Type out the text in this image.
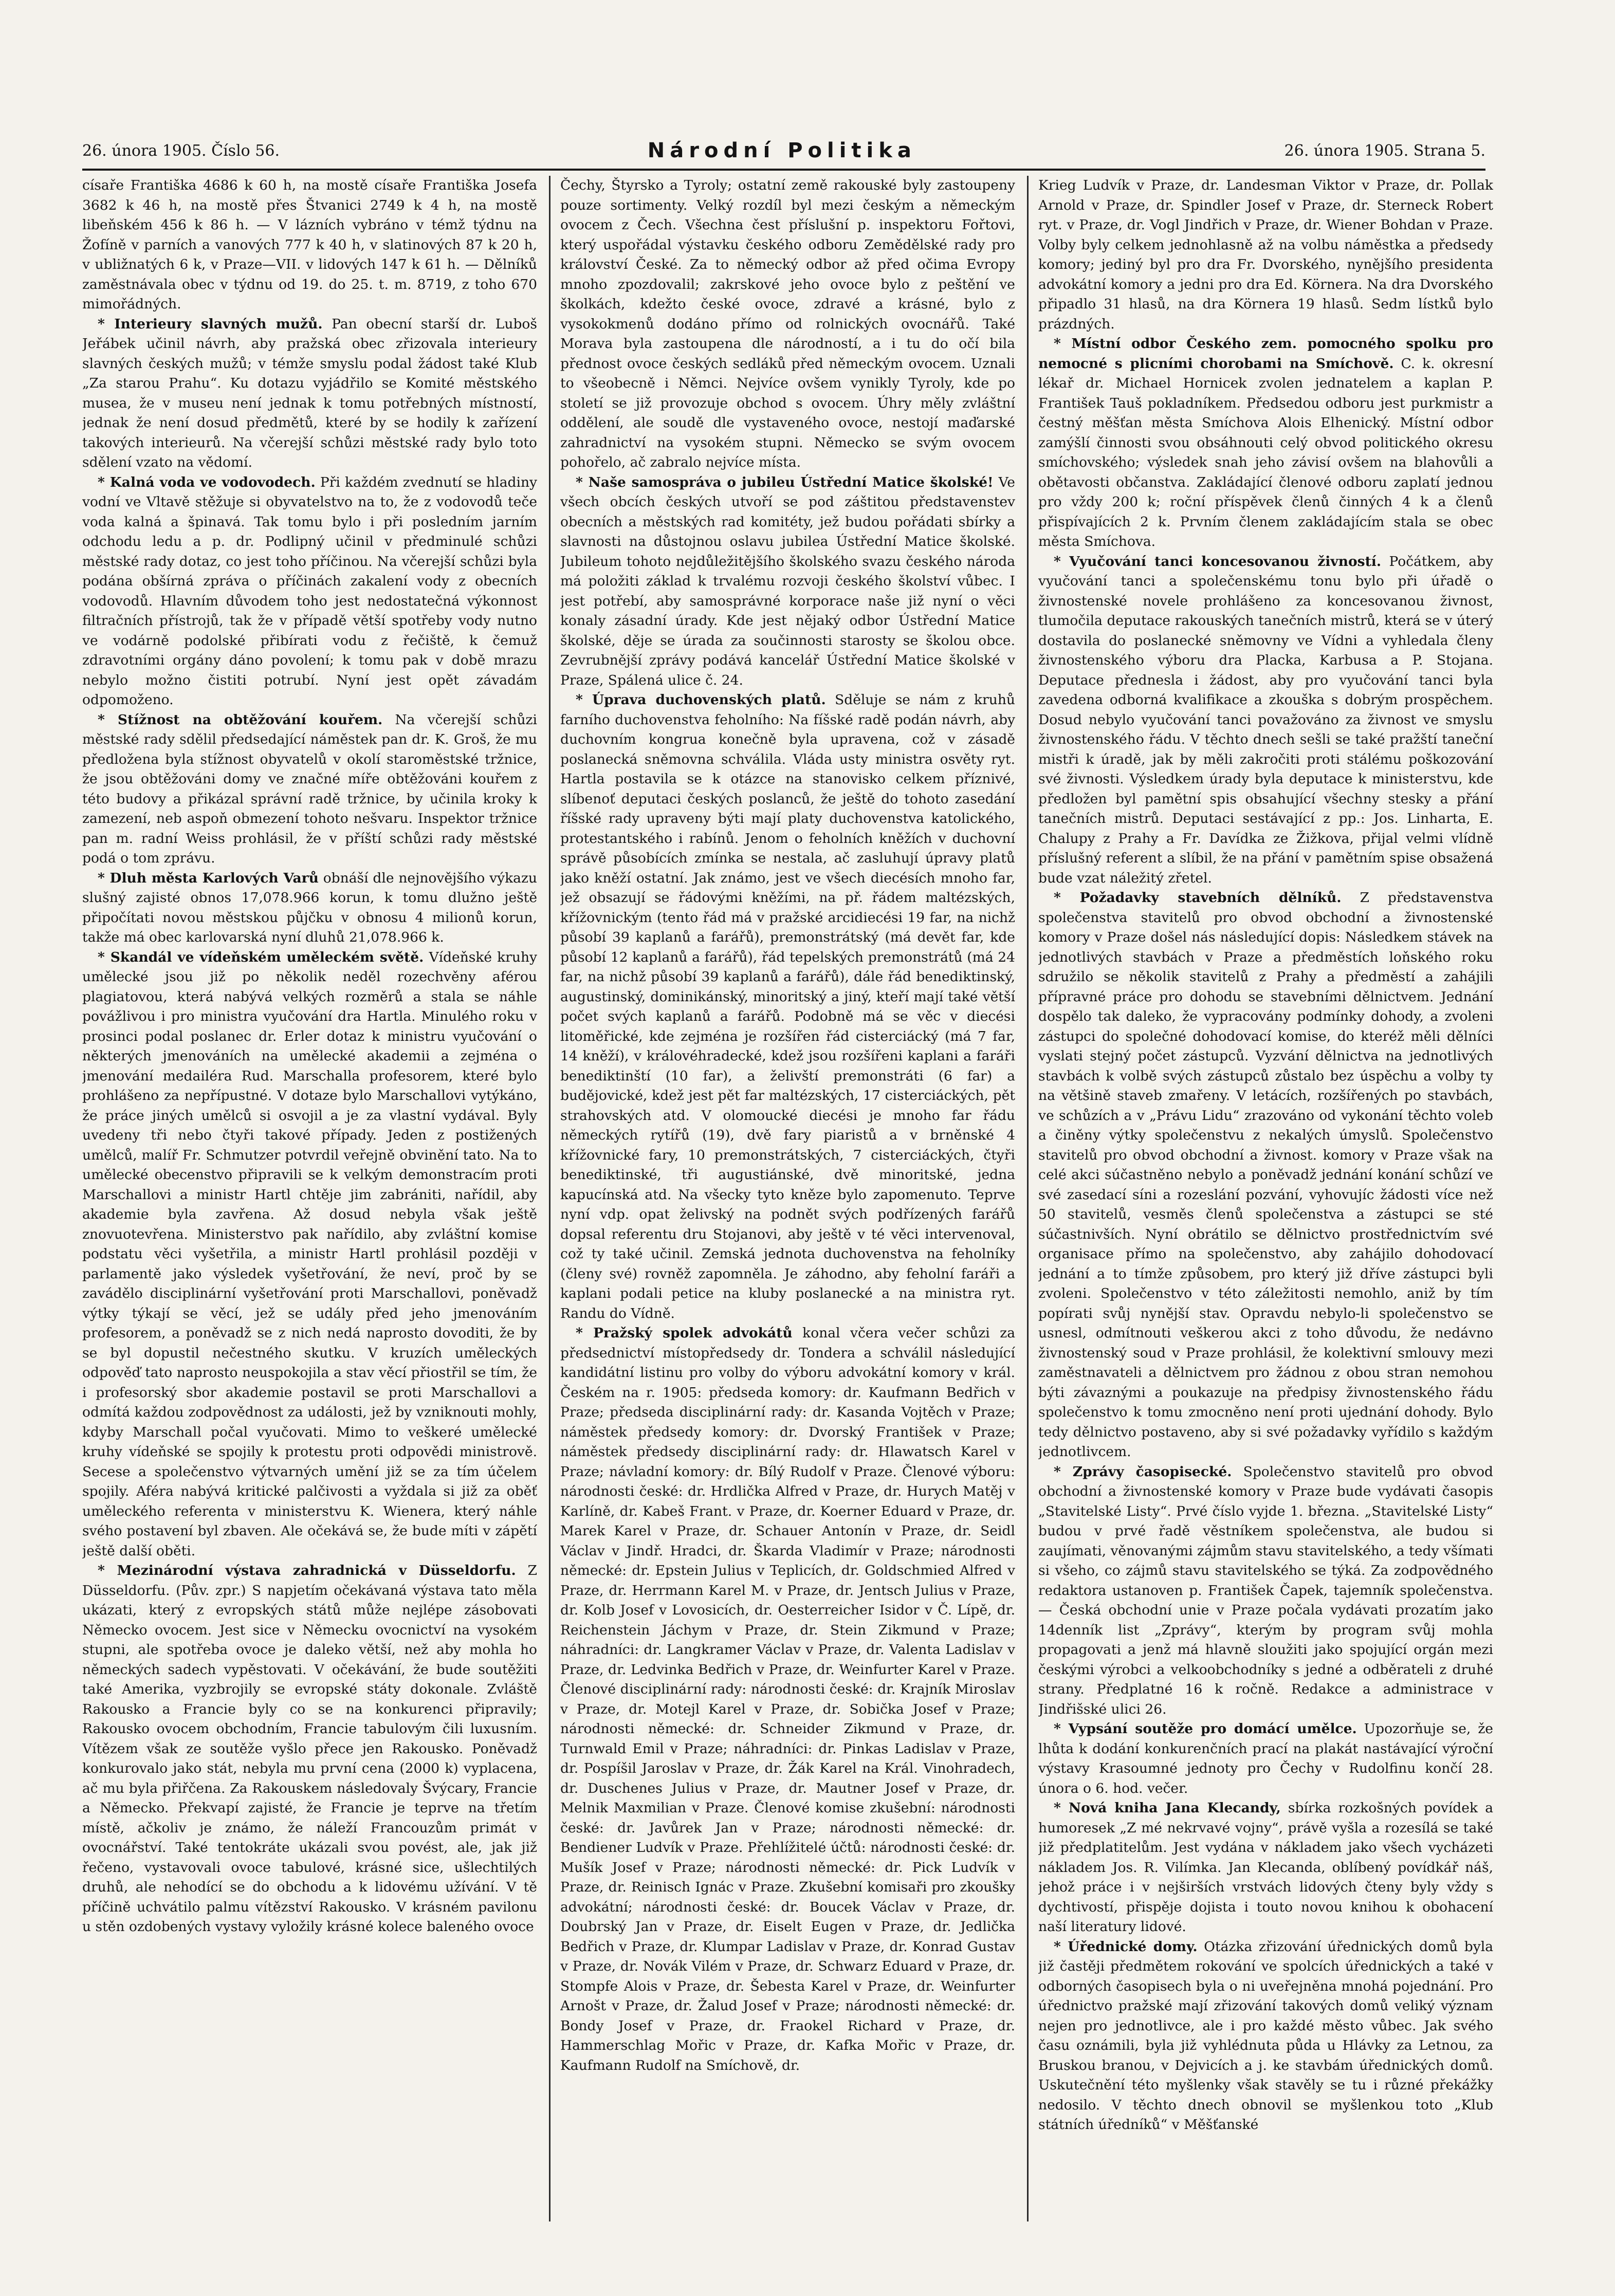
26. února 1905. Číslo 56.	Národní Politika	26. února 1905. Strana 5.

císaře Františka 4686 k 60 h, na mostě císaře Františka Josefa 3682 k 46 h, na mostě přes Štvanici 2749 k 4 h, na mostě libeňském 456 k 86 h. — V lázních vybráno v témž týdnu na Žofíně v parních a vanových 777 k 40 h, v slatinových 87 k 20 h, v ubližnatých 6 k, v Praze—VII. v lidových 147 k 61 h. — Dělníků zaměstnávala obec v týdnu od 19. do 25. t. m. 8719, z toho 670 mimořádných.

* Interieury slavných mužů. Pan obecní starší dr. Luboš Jeřábek učinil návrh, aby pražská obec zřizovala interieury slavných českých mužů; v témže smyslu podal žádost také Klub „Za starou Prahu“. Ku dotazu vyjádřilo se Komité městského musea, že v museu není jednak k tomu potřebných místností, jednak že není dosud předmětů, které by se hodily k zařízení takových interieurů. Na včerejší schůzi městské rady bylo toto sdělení vzato na vědomí.

* Kalná voda ve vodovodech. Při každém zvednutí se hladiny vodní ve Vltavě stěžuje si obyvatelstvo na to, že z vodovodů teče voda kalná a špinavá. Tak tomu bylo i při posledním jarním odchodu ledu a p. dr. Podlipný učinil v předminulé schůzi městské rady dotaz, co jest toho příčinou. Na včerejší schůzi byla podána obšírná zpráva o příčinách zakalení vody z obecních vodovodů. Hlavním důvodem toho jest nedostatečná výkonnost filtračních přístrojů, tak že v případě větší spotřeby vody nutno ve vodárně podolské přibírati vodu z řečiště, k čemuž zdravotními orgány dáno povolení; k tomu pak v době mrazu nebylo možno čistiti potrubí. Nyní jest opět závadám odpomoženo.

* Stížnost na obtěžování kouřem. Na včerejší schůzi městské rady sdělil předsedající náměstek pan dr. K. Groš, že mu předložena byla stížnost obyvatelů v okolí staroměstské tržnice, že jsou obtěžováni domy ve značné míře obtěžováni kouřem z této budovy a přikázal správní radě tržnice, by učinila kroky k zamezení, neb aspoň obmezení tohoto nešvaru. Inspektor tržnice pan m. radní Weiss prohlásil, že v příští schůzi rady městské podá o tom zprávu.

* Dluh města Karlových Varů obnáší dle nejnovějšího výkazu slušný zajisté obnos 17,078.966 korun, k tomu dlužno ještě připočítati novou městskou půjčku v obnosu 4 milionů korun, takže má obec karlovarská nyní dluhů 21,078.966 k.

* Skandál ve vídeňském uměleckém světě. Vídeňské kruhy umělecké jsou již po několik neděl rozechvěny aférou plagiatovou, která nabývá velkých rozměrů a stala se náhle povážlivou i pro ministra vyučování dra Hartla. Minulého roku v prosinci podal poslanec dr. Erler dotaz k ministru vyučování o některých jmenováních na umělecké akademii a zejména o jmenování medailéra Rud. Marschalla profesorem, které bylo prohlášeno za nepřípustné. V dotaze bylo Marschallovi vytýkáno, že práce jiných umělců si osvojil a je za vlastní vydával. Byly uvedeny tři nebo čtyři takové případy. Jeden z postižených umělců, malíř Fr. Schmutzer potvrdil veřejně obvinění tato. Na to umělecké obecenstvo připravili se k velkým demonstracím proti Marschallovi a ministr Hartl chtěje jim zabrániti, nařídil, aby akademie byla zavřena. Až dosud nebyla však ještě znovuotevřena. Ministerstvo pak nařídilo, aby zvláštní komise podstatu věci vyšetřila, a ministr Hartl prohlásil později v parlamentě jako výsledek vyšetřování, že neví, proč by se zavádělo disciplinární vyšetřování proti Marschallovi, poněvadž výtky týkají se věcí, jež se udály před jeho jmenováním profesorem, a poněvadž se z nich nedá naprosto dovoditi, že by se byl dopustil nečestného skutku. V kruzích uměleckých odpověď tato naprosto neuspokojila a stav věcí přiostřil se tím, že i profesorský sbor akademie postavil se proti Marschallovi a odmítá každou zodpovědnost za události, jež by vzniknouti mohly, kdyby Marschall počal vyučovati. Mimo to veškeré umělecké kruhy vídeňské se spojily k protestu proti odpovědi ministrově. Secese a společenstvo výtvarných umění již se za tím účelem spojily. Aféra nabývá kritické palčivosti a vyždala si již za oběť uměleckého referenta v ministerstvu K. Wienera, který náhle svého postavení byl zbaven. Ale očekává se, že bude míti v zápětí ještě další oběti.

* Mezinárodní výstava zahradnická v Düsseldorfu. Z Düsseldorfu. (Pův. zpr.) S napjetím očekávaná výstava tato měla ukázati, který z evropských států může nejlépe zásobovati Německo ovocem. Jest sice v Německu ovocnictví na vysokém stupni, ale spotřeba ovoce je daleko větší, než aby mohla ho německých sadech vypěstovati. V očekávání, že bude soutěžiti také Amerika, vyzbrojily se evropské státy dokonale. Zvláště Rakousko a Francie byly co se na konkurenci připravily; Rakousko ovocem obchodním, Francie tabulovým čili luxusním. Vítězem však ze soutěže vyšlo přece jen Rakousko. Poněvadž konkurovalo jako stát, nebyla mu první cena (2000 k) vyplacena, ač mu byla přiřčena. Za Rakouskem následovaly Švýcary, Francie a Německo. Překvapí zajisté, že Francie je teprve na třetím místě, ačkoliv je známo, že náleží Francouzům primát v ovocnářství. Také tentokráte ukázali svou povést, ale, jak již řečeno, vystavovali ovoce tabulové, krásné sice, ušlechtilých druhů, ale nehodící se do obchodu a k lidovému užívání. V tě příčině uchvátilo palmu vítězství Rakousko. V krásném pavilonu u stěn ozdobených vystavy vyložily krásné kolece baleného ovoce

Čechy, Štyrsko a Tyroly; ostatní země rakouské byly zastoupeny pouze sortimenty. Velký rozdíl byl mezi českým a německým ovocem z Čech. Všechna čest příslušní p. inspektoru Fořtovi, který uspořádal výstavku českého odboru Zemědělské rady pro království České. Za to německý odbor až před očima Evropy mnoho zpozdovalil; zakrskové jeho ovoce bylo z peštění ve školkách, kdežto české ovoce, zdravé a krásné, bylo z vysokokmenů dodáno přímo od rolnických ovocnářů. Také Morava byla zastoupena dle národností, a i tu do očí bila přednost ovoce českých sedláků před německým ovocem. Uznali to všeobecně i Němci. Nejvíce ovšem vynikly Tyroly, kde po století se již provozuje obchod s ovocem. Úhry měly zvláštní oddělení, ale soudě dle vystaveného ovoce, nestojí maďarské zahradnictví na vysokém stupni. Německo se svým ovocem pohořelo, ač zabralo nejvíce místa.

* Naše samospráva o jubileu Ústřední Matice školské! Ve všech obcích českých utvoří se pod záštitou představenstev obecních a městských rad komitéty, jež budou pořádati sbírky a slavnosti na důstojnou oslavu jubilea Ústřední Matice školské. Jubileum tohoto nejdůležitějšího školského svazu českého národa má položiti základ k trvalému rozvoji českého školství vůbec. I jest potřebí, aby samosprávné korporace naše již nyní o věci konaly zásadní úrady. Kde jest nějaký odbor Ústřední Matice školské, děje se úrada za součinnosti starosty se školou obce. Zevrubnější zprávy podává kancelář Ústřední Matice školské v Praze, Spálená ulice č. 24.

* Úprava duchovenských platů. Sděluje se nám z kruhů farního duchovenstva feholního: Na fíšské radě podán návrh, aby duchovním kongrua konečně byla upravena, což v zásadě poslanecká sněmovna schválila. Vláda usty ministra osvěty ryt. Hartla postavila se k otázce na stanovisko celkem příznivé, slíbenoť deputaci českých poslanců, že ještě do tohoto zasedání říšské rady upraveny býti mají platy duchovenstva katolického, protestantského i rabínů. Jenom o feholních kněžích v duchovní správě působících zmínka se nestala, ač zasluhují úpravy platů jako kněží ostatní. Jak známo, jest ve všech diecésích mnoho far, jež obsazují se řádovými kněžími, na př. řádem maltézských, křížovnickým (tento řád má v pražské arcidiecési 19 far, na nichž působí 39 kaplanů a farářů), premonstrátský (má devět far, kde působí 12 kaplanů a farářů), řád tepelských premonstrátů (má 24 far, na nichž působí 39 kaplanů a farářů), dále řád benediktinský, augustinský, dominikánský, minoritský a jiný, kteří mají také větší počet svých kaplanů a farářů. Podobně má se věc v diecési litoměřické, kde zejména je rozšířen řád cisterciácký (má 7 far, 14 kněží), v královéhradecké, kdež jsou rozšířeni kaplani a faráři benediktinští (10 far), a želivští premonstráti (6 far) a budějovické, kdež jest pět far maltézských, 17 cisterciáckých, pět strahovských atd. V olomoucké diecési je mnoho far řádu německých rytířů (19), dvě fary piaristů a v brněnské 4 křížovnické fary, 10 premonstrátských, 7 cisterciáckých, čtyři benediktinské, tři augustiánské, dvě minoritské, jedna kapucínská atd. Na všecky tyto kněze bylo zapomenuto. Teprve nyní vdp. opat želivský na podnět svých podřízených farářů dopsal referentu dru Stojanovi, aby ještě v té věci intervenoval, což ty také učinil. Zemská jednota duchovenstva na feholníky (členy své) rovněž zapomněla. Je záhodno, aby feholní faráři a kaplani podali petice na kluby poslanecké a na ministra ryt. Randu do Vídně.

* Pražský spolek advokátů konal včera večer schůzi za předsednictví místopředsedy dr. Tondera a schválil následující kandidátní listinu pro volby do výboru advokátní komory v král. Českém na r. 1905: předseda komory: dr. Kaufmann Bedřich v Praze; předseda disciplinární rady: dr. Kasanda Vojtěch v Praze; náměstek předsedy komory: dr. Dvorský František v Praze; náměstek předsedy disciplinární rady: dr. Hlawatsch Karel v Praze; návladní komory: dr. Bílý Rudolf v Praze. Členové výboru: národnosti české: dr. Hrdlička Alfred v Praze, dr. Hurych Matěj v Karlíně, dr. Kabeš Frant. v Praze, dr. Koerner Eduard v Praze, dr. Marek Karel v Praze, dr. Schauer Antonín v Praze, dr. Seidl Václav v Jindř. Hradci, dr. Škarda Vladimír v Praze; národnosti německé: dr. Epstein Julius v Teplicích, dr. Goldschmied Alfred v Praze, dr. Herrmann Karel M. v Praze, dr. Jentsch Julius v Praze, dr. Kolb Josef v Lovosicích, dr. Oesterreicher Isidor v Č. Lípě, dr. Reichenstein Jáchym v Praze, dr. Stein Zikmund v Praze; náhradníci: dr. Langkramer Václav v Praze, dr. Valenta Ladislav v Praze, dr. Ledvinka Bedřich v Praze, dr. Weinfurter Karel v Praze. Členové disciplinární rady: národnosti české: dr. Krajník Miroslav v Praze, dr. Motejl Karel v Praze, dr. Sobička Josef v Praze; národnosti německé: dr. Schneider Zikmund v Praze, dr. Turnwald Emil v Praze; náhradníci: dr. Pinkas Ladislav v Praze, dr. Pospíšil Jaroslav v Praze, dr. Žák Karel na Král. Vinohradech, dr. Duschenes Julius v Praze, dr. Mautner Josef v Praze, dr. Melnik Maxmilian v Praze. Členové komise zkušební: národnosti české: dr. Javůrek Jan v Praze; národnosti německé: dr. Bendiener Ludvík v Praze. Přehlížitelé účtů: národnosti české: dr. Mušík Josef v Praze; národnosti německé: dr. Pick Ludvík v Praze, dr. Reinisch Ignác v Praze. Zkušební komisaři pro zkoušky advokátní; národnosti české: dr. Boucek Václav v Praze, dr. Doubrský Jan v Praze, dr. Eiselt Eugen v Praze, dr. Jedlička Bedřich v Praze, dr. Klumpar Ladislav v Praze, dr. Konrad Gustav v Praze, dr. Novák Vilém v Praze, dr. Schwarz Eduard v Praze, dr. Stompfe Alois v Praze, dr. Šebesta Karel v Praze, dr. Weinfurter Arnošt v Praze, dr. Žalud Josef v Praze; národnosti německé: dr. Bondy Josef v Praze, dr. Fraokel Richard v Praze, dr. Hammerschlag Mořic v Praze, dr. Kafka Mořic v Praze, dr. Kaufmann Rudolf na Smíchově, dr.

Krieg Ludvík v Praze, dr. Landesman Viktor v Praze, dr. Pollak Arnold v Praze, dr. Spindler Josef v Praze, dr. Sterneck Robert ryt. v Praze, dr. Vogl Jindřich v Praze, dr. Wiener Bohdan v Praze. Volby byly celkem jednohlasně až na volbu náměstka a předsedy komory; jediný byl pro dra Fr. Dvorského, nynějšího presidenta advokátní komory a jedni pro dra Ed. Körnera. Na dra Dvorského připadlo 31 hlasů, na dra Körnera 19 hlasů. Sedm lístků bylo prázdných.

* Místní odbor Českého zem. pomocného spolku pro nemocné s plicními chorobami na Smíchově. C. k. okresní lékař dr. Michael Hornicek zvolen jednatelem a kaplan P. František Tauš pokladníkem. Předsedou odboru jest purkmistr a čestný měšťan města Smíchova Alois Elhenický. Místní odbor zamýšlí činnosti svou obsáhnouti celý obvod politického okresu smíchovského; výsledek snah jeho závisí ovšem na blahovůli a obětavosti občanstva. Zakládající členové odboru zaplatí jednou pro vždy 200 k; roční příspěvek členů činných 4 k a členů přispívajících 2 k. Prvním členem zakládajícím stala se obec města Smíchova.

* Vyučování tanci koncesovanou živností. Počátkem, aby vyučování tanci a společenskému tonu bylo při úřadě o živnostenské novele prohlášeno za koncesovanou živnost, tlumočila deputace rakouských tanečních mistrů, která se v úterý dostavila do poslanecké sněmovny ve Vídni a vyhledala členy živnostenského výboru dra Placka, Karbusa a P. Stojana. Deputace přednesla i žádost, aby pro vyučování tanci byla zavedena odborná kvalifikace a zkouška s dobrým prospěchem. Dosud nebylo vyučování tanci považováno za živnost ve smyslu živnostenského řádu. V těchto dnech sešli se také pražští taneční mistři k úradě, jak by měli zakročiti proti stálému poškozování své živnosti. Výsledkem úrady byla deputace k ministerstvu, kde předložen byl pamětní spis obsahující všechny stesky a přání tanečních mistrů. Deputaci sestávající z pp.: Jos. Linharta, E. Chalupy z Prahy a Fr. Davídka ze Žižkova, přijal velmi vlídně příslušný referent a slíbil, že na přání v pamětním spise obsažená bude vzat náležitý zřetel.

* Požadavky stavebních dělníků. Z představenstva společenstva stavitelů pro obvod obchodní a živnostenské komory v Praze došel nás následující dopis: Následkem stávek na jednotlivých stavbách v Praze a předměstích loňského roku sdružilo se několik stavitelů z Prahy a předměstí a zahájili přípravné práce pro dohodu se stavebními dělnictvem. Jednání dospělo tak daleko, že vypracovány podmínky dohody, a zvoleni zástupci do společné dohodovací komise, do kteréž měli dělníci vyslati stejný počet zástupců. Vyzvání dělnictva na jednotlivých stavbách k volbě svých zástupců zůstalo bez úspěchu a volby ty na většině staveb zmařeny. V letácích, rozšířených po stavbách, ve schůzích a v „Právu Lidu“ zrazováno od vykonání těchto voleb a činěny výtky společenstvu z nekalých úmyslů. Společenstvo stavitelů pro obvod obchodní a živnost. komory v Praze však na celé akci súčastněno nebylo a poněvadž jednání konání schůzí ve své zasedací síni a rozeslání pozvání, vyhovujíc žádosti více než 50 stavitelů, vesměs členů společenstva a zástupci se sté súčastnivších. Nyní obrátilo se dělnictvo prostřednictvím své organisace přímo na společenstvo, aby zahájilo dohodovací jednání a to tímže způsobem, pro který již dříve zástupci byli zvoleni. Společenstvo v této záležitosti nemohlo, aniž by tím popírati svůj nynější stav. Opravdu nebylo-li společenstvo se usnesl, odmítnouti veškerou akci z toho důvodu, že nedávno živnostenský soud v Praze prohlásil, že kolektivní smlouvy mezi zaměstnavateli a dělnictvem pro žádnou z obou stran nemohou býti závaznými a poukazuje na předpisy živnostenského řádu společenstvo k tomu zmocněno není proti ujednání dohody. Bylo tedy dělnictvo postaveno, aby si své požadavky vyřídilo s každým jednotlivcem.

* Zprávy časopisecké. Společenstvo stavitelů pro obvod obchodní a živnostenské komory v Praze bude vydávati časopis „Stavitelské Listy“. Prvé číslo vyjde 1. března. „Stavitelské Listy“ budou v prvé řadě věstníkem společenstva, ale budou si zaujímati, věnovanými zájmům stavu stavitelského, a tedy všímati si všeho, co zájmů stavu stavitelského se týká. Za zodpovědného redaktora ustanoven p. František Čapek, tajemník společenstva. — Česká obchodní unie v Praze počala vydávati prozatím jako 14denník list „Zprávy“, kterým by program svůj mohla propagovati a jenž má hlavně sloužiti jako spojující orgán mezi českými výrobci a velkoobchodníky s jedné a odběrateli z druhé strany. Předplatné 16 k ročně. Redakce a administrace v Jindřišské ulici 26.

* Vypsání soutěže pro domácí umělce. Upozorňuje se, že lhůta k dodání konkurenčních prací na plakát nastávající výroční výstavy Krasoumné jednoty pro Čechy v Rudolfinu končí 28. února o 6. hod. večer.

* Nová kniha Jana Klecandy, sbírka rozkošných povídek a humoresek „Z mé nekrvavé vojny“, právě vyšla a rozesílá se také již předplatitelům. Jest vydána v nákladem jako všech vycházeti nákladem Jos. R. Vilímka. Jan Klecanda, oblíbený povídkář náš, jehož práce i v nejširších vrstvách lidových čteny byly vždy s dychtivostí, přispěje dojista i touto novou knihou k obohacení naší literatury lidové.

* Úřednické domy. Otázka zřizování úřednických domů byla již častěji předmětem rokování ve spolcích úřednických a také v odborných časopisech byla o ni uveřejněna mnohá pojednání. Pro úřednictvo pražské mají zřizování takových domů veliký význam nejen pro jednotlivce, ale i pro každé město vůbec. Jak svého času oznámili, byla již vyhlédnuta půda u Hlávky za Letnou, za Bruskou branou, v Dejvicích a j. ke stavbám úřednických domů. Uskutečnění této myšlenky však stavěly se tu i různé překážky nedosilo. V těchto dnech obnovil se myšlenkou toto „Klub státních úředníků“ v Měšťanské
